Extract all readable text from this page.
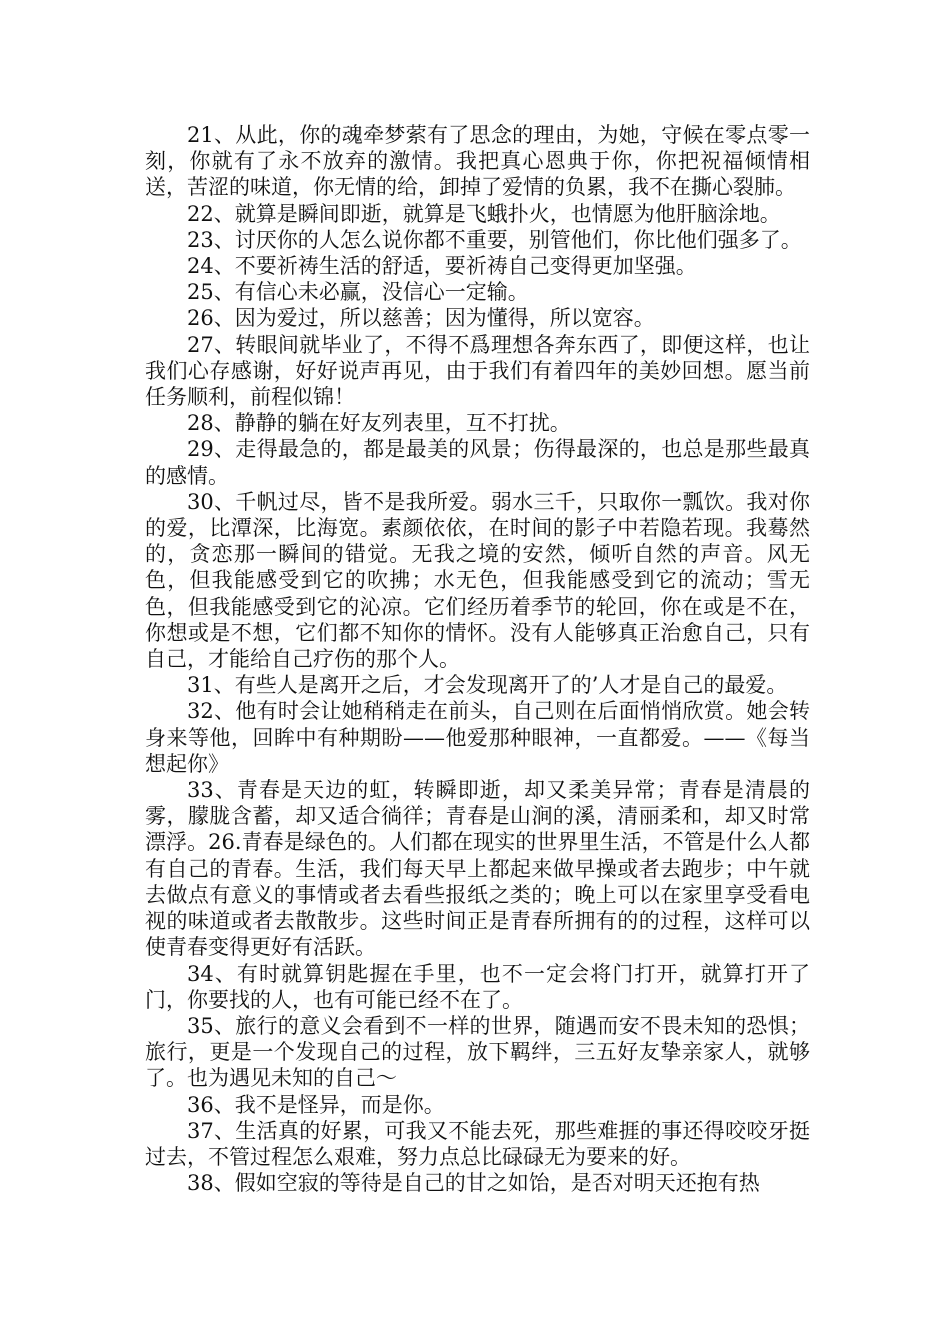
21、从此，你的魂牵梦萦有了思念的理由，为她，守候在零点零一刻，你就有了永不放弃的激情。我把真心恩典于你，你把祝福倾情相送，苦涩的味道，你无情的给，卸掉了爱情的负累，我不在撕心裂肺。

22、就算是瞬间即逝，就算是飞蛾扑火，也情愿为他肝脑涂地。

23、讨厌你的人怎么说你都不重要，别管他们，你比他们强多了。

24、不要祈祷生活的舒适，要祈祷自己变得更加坚强。

25、有信心未必赢，没信心一定输。

26、因为爱过，所以慈善；因为懂得，所以宽容。

27、转眼间就毕业了，不得不爲理想各奔东西了，即便这样，也让我们心存感谢，好好说声再见，由于我们有着四年的美妙回想。愿当前任务顺利，前程似锦！

28、静静的躺在好友列表里，互不打扰。

29、走得最急的，都是最美的风景；伤得最深的，也总是那些最真的感情。

30、千帆过尽，皆不是我所爱。弱水三千，只取你一瓢饮。我对你的爱，比潭深，比海宽。素颜依依，在时间的影子中若隐若现。我蓦然的，贪恋那一瞬间的错觉。无我之境的安然，倾听自然的声音。风无色，但我能感受到它的吹拂；水无色，但我能感受到它的流动；雪无色，但我能感受到它的沁凉。它们经历着季节的轮回，你在或是不在，你想或是不想，它们都不知你的情怀。没有人能够真正治愈自己，只有自己，才能给自己疗伤的那个人。

31、有些人是离开之后，才会发现离开了的’人才是自己的最爱。

32、他有时会让她稍稍走在前头，自己则在后面悄悄欣赏。她会转身来等他，回眸中有种期盼——他爱那种眼神，一直都爱。——《每当想起你》

33、青春是天边的虹，转瞬即逝，却又柔美异常；青春是清晨的雾，朦胧含蓄，却又适合徜徉；青春是山涧的溪，清丽柔和，却又时常漂浮。26.青春是绿色的。人们都在现实的世界里生活，不管是什么人都有自己的青春。生活，我们每天早上都起来做早操或者去跑步；中午就去做点有意义的事情或者去看些报纸之类的；晚上可以在家里享受看电视的味道或者去散散步。这些时间正是青春所拥有的的过程，这样可以使青春变得更好有活跃。

34、有时就算钥匙握在手里，也不一定会将门打开，就算打开了门，你要找的人，也有可能已经不在了。

35、旅行的意义会看到不一样的世界，随遇而安不畏未知的恐惧；旅行，更是一个发现自己的过程，放下羁绊，三五好友挚亲家人，就够了。也为遇见未知的自己～

36、我不是怪异，而是你。

37、生活真的好累，可我又不能去死，那些难捱的事还得咬咬牙挺过去，不管过程怎么艰难，努力点总比碌碌无为要来的好。

38、假如空寂的等待是自己的甘之如饴，是否对明天还抱有热
